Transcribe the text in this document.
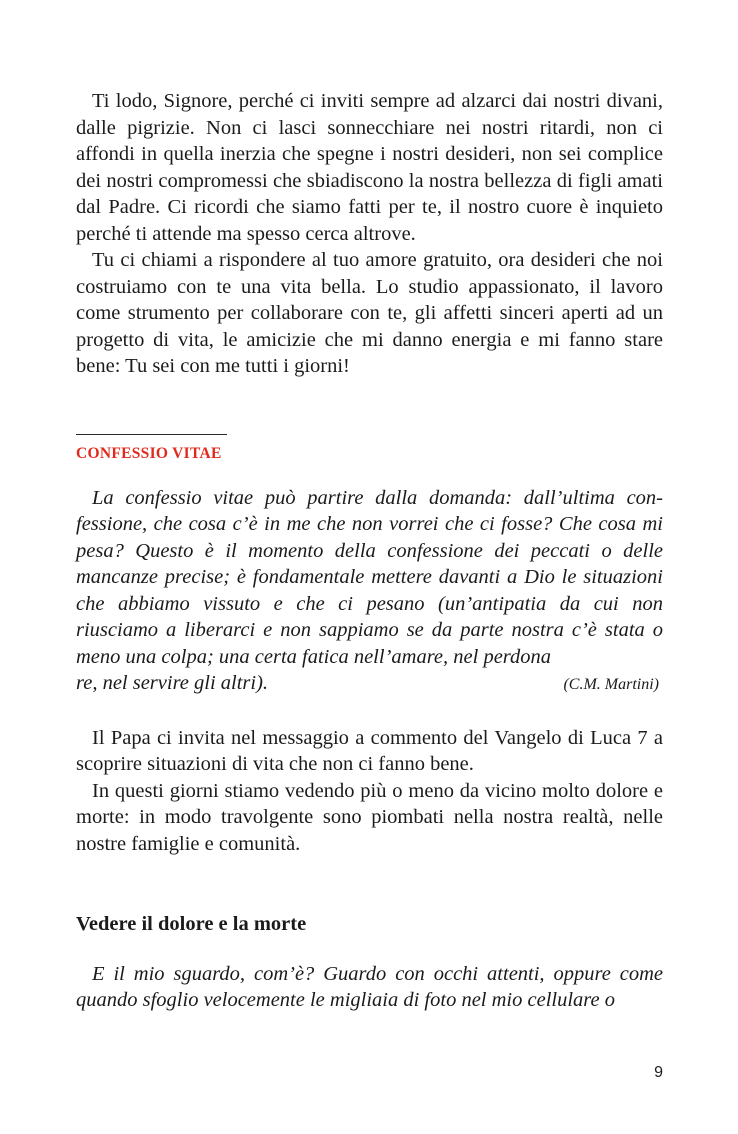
Ti lodo, Signore, perché ci inviti sempre ad alzarci dai nostri divani, dalle pigrizie. Non ci lasci sonnecchiare nei nostri ritardi, non ci affondi in quella inerzia che spegne i nostri desideri, non sei complice dei nostri compromessi che sbiadiscono la nostra bellezza di figli amati dal Padre. Ci ricordi che siamo fatti per te, il nostro cuore è inquieto perché ti attende ma spesso cerca altrove.

Tu ci chiami a rispondere al tuo amore gratuito, ora desideri che noi costruiamo con te una vita bella. Lo studio appassionato, il lavoro come strumento per collaborare con te, gli affetti sinceri aperti ad un progetto di vita, le amicizie che mi danno energia e mi fanno stare bene: Tu sei con me tutti i giorni!

CONFESSIO VITAE

La confessio vitae può partire dalla domanda: dall’ultima confessione, che cosa c’è in me che non vorrei che ci fosse? Che cosa mi pesa? Questo è il momento della confessione dei peccati o delle mancanze precise; è fondamentale mettere davanti a Dio le situazioni che abbiamo vissuto e che ci pesano (un’antipatia da cui non riusciamo a liberarci e non sappiamo se da parte nostra c’è stata o meno una colpa; una certa fatica nell’amare, nel perdona

re, nel servire gli altri).	(C.M. Martini)

Il Papa ci invita nel messaggio a commento del Vangelo di Luca 7 a scoprire situazioni di vita che non ci fanno bene.

In questi giorni stiamo vedendo più o meno da vicino molto dolore e morte: in modo travolgente sono piombati nella nostra realtà, nelle nostre famiglie e comunità.

Vedere il dolore e la morte

E il mio sguardo, com’è? Guardo con occhi attenti, oppure come quando sfoglio velocemente le migliaia di foto nel mio cellulare o

9
